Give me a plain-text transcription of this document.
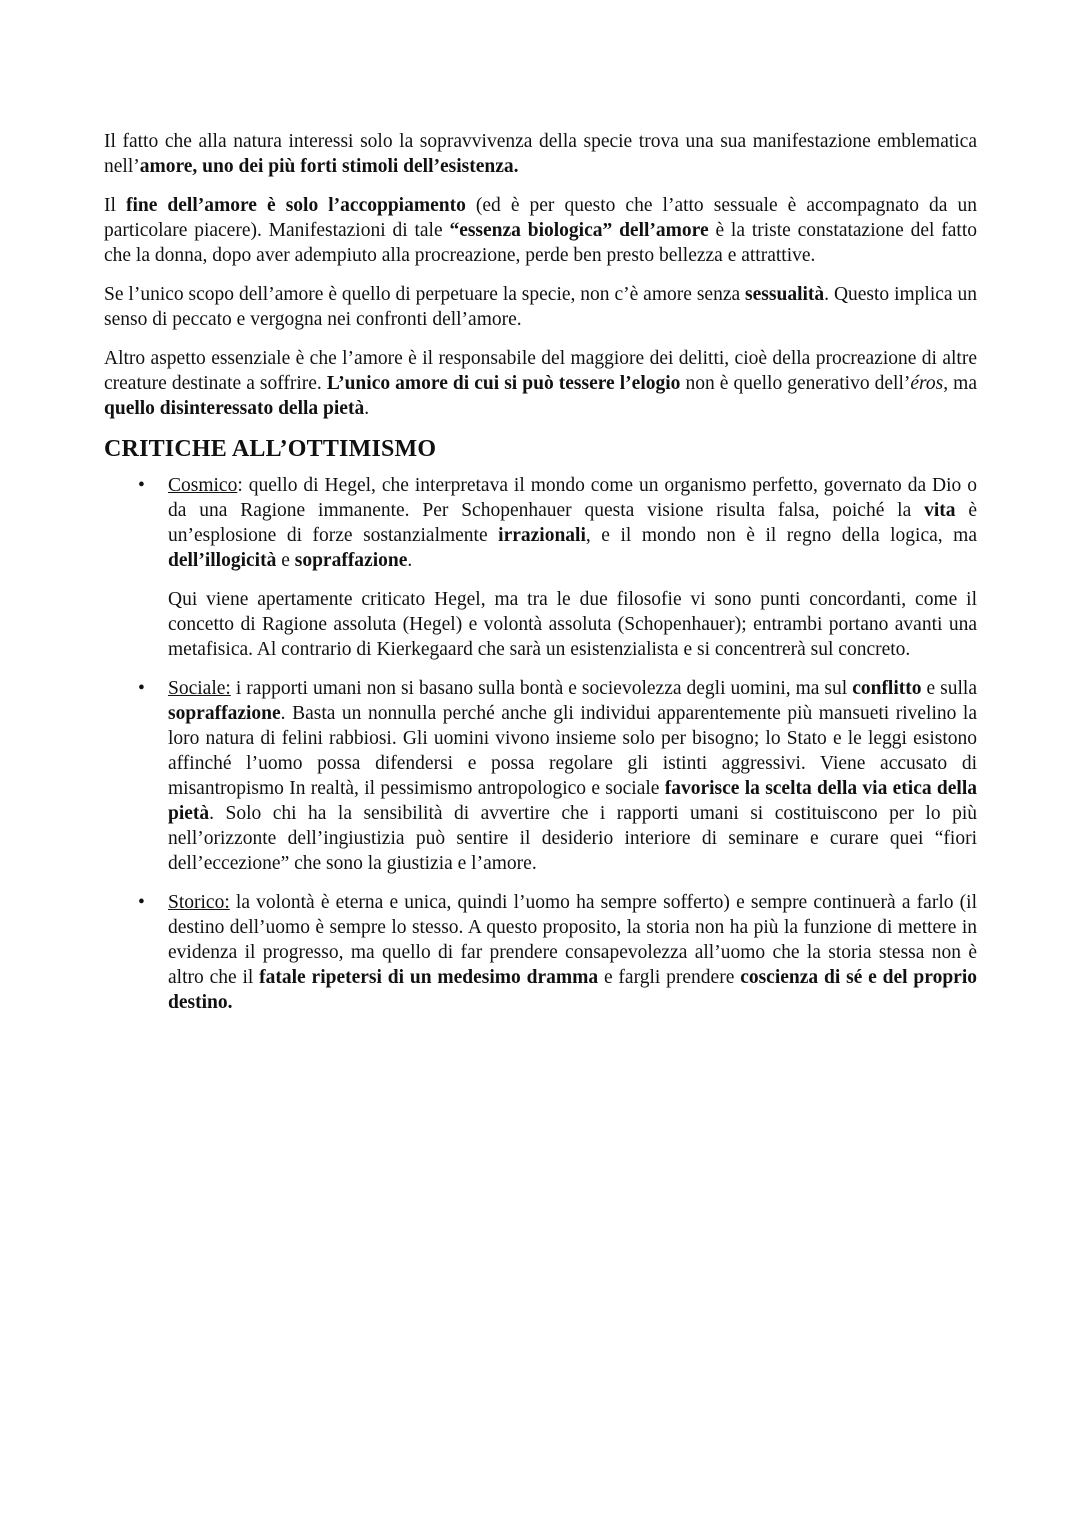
Il fatto che alla natura interessi solo la sopravvivenza della specie trova una sua manifestazione emblematica nell’amore, uno dei più forti stimoli dell’esistenza.

Il fine dell’amore è solo l’accoppiamento (ed è per questo che l’atto sessuale è accompagnato da un particolare piacere). Manifestazioni di tale “essenza biologica” dell’amore è la triste constatazione del fatto che la donna, dopo aver adempiuto alla procreazione, perde ben presto bellezza e attrattive.

Se l’unico scopo dell’amore è quello di perpetuare la specie, non c’è amore senza sessualità. Questo implica un senso di peccato e vergogna nei confronti dell’amore.

Altro aspetto essenziale è che l’amore è il responsabile del maggiore dei delitti, cioè della procreazione di altre creature destinate a soffrire. L’unico amore di cui si può tessere l’elogio non è quello generativo dell’éros, ma quello disinteressato della pietà.

CRITICHE ALL’OTTIMISMO
• Cosmico: quello di Hegel, che interpretava il mondo come un organismo perfetto, governato da Dio o da una Ragione immanente. Per Schopenhauer questa visione risulta falsa, poiché la vita è un’esplosione di forze sostanzialmente irrazionali, e il mondo non è il regno della logica, ma dell’illogicità e sopraffazione.

Qui viene apertamente criticato Hegel, ma tra le due filosofie vi sono punti concordanti, come il concetto di Ragione assoluta (Hegel) e volontà assoluta (Schopenhauer); entrambi portano avanti una metafisica. Al contrario di Kierkegaard che sarà un esistenzialista e si concentrerà sul concreto.

• Sociale: i rapporti umani non si basano sulla bontà e socievolezza degli uomini, ma sul conflitto e sulla sopraffazione. Basta un nonnulla perché anche gli individui apparentemente più mansueti rivelino la loro natura di felini rabbiosi. Gli uomini vivono insieme solo per bisogno; lo Stato e le leggi esistono affinché l’uomo possa difendersi e possa regolare gli istinti aggressivi. Viene accusato di misantropismo In realtà, il pessimismo antropologico e sociale favorisce la scelta della via etica della pietà. Solo chi ha la sensibilità di avvertire che i rapporti umani si costituiscono per lo più nell’orizzonte dell’ingiustizia può sentire il desiderio interiore di seminare e curare quei “fiori dell’eccezione” che sono la giustizia e l’amore.

• Storico: la volontà è eterna e unica, quindi l’uomo ha sempre sofferto) e sempre continuerà a farlo (il destino dell’uomo è sempre lo stesso. A questo proposito, la storia non ha più la funzione di mettere in evidenza il progresso, ma quello di far prendere consapevolezza all’uomo che la storia stessa non è altro che il fatale ripetersi di un medesimo dramma e fargli prendere coscienza di sé e del proprio destino.
